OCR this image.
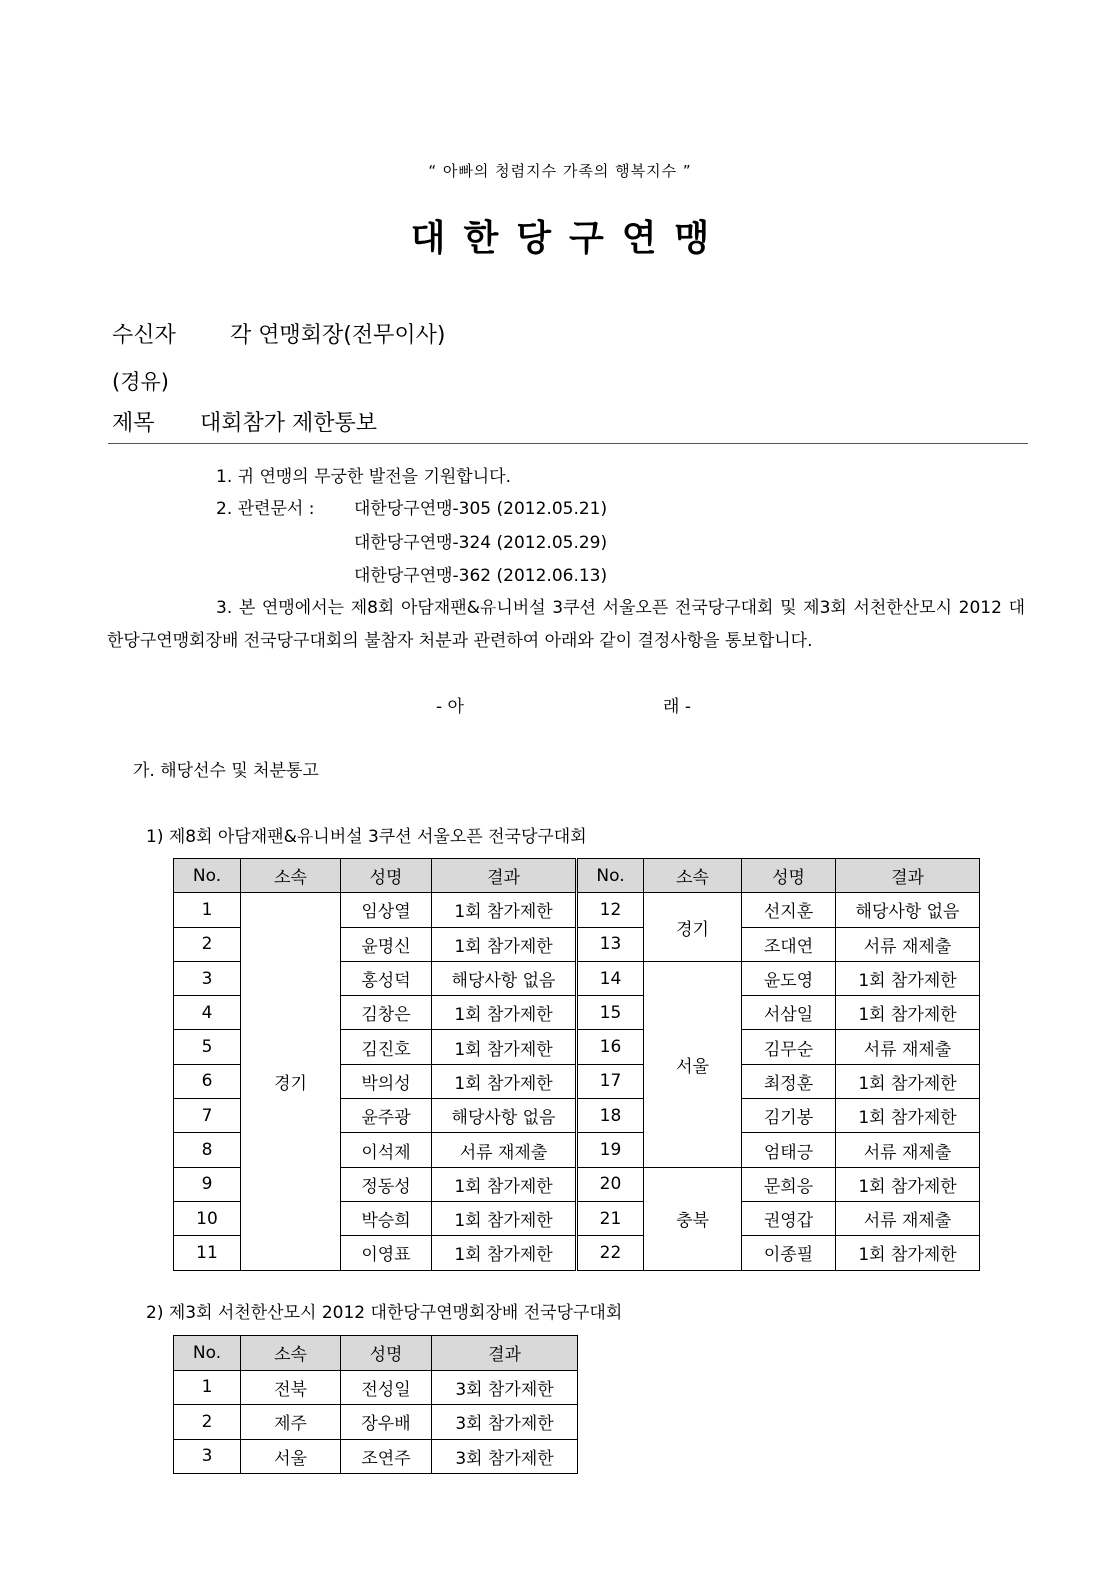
“ 아빠의 청렴지수 가족의 행복지수 ”
대한당구연맹
수신자 각 연맹회장(전무이사)
(경유)
제목 대회참가 제한통보
1. 귀 연맹의 무궁한 발전을 기원합니다.
2. 관련문서 : 대한당구연맹-305 (2012.05.21)
대한당구연맹-324 (2012.05.29)
대한당구연맹-362 (2012.06.13)
3. 본 연맹에서는 제8회 아담재팬&유니버설 3쿠션 서울오픈 전국당구대회 및 제3회 서천한산모시 2012 대한당구연맹회장배 전국당구대회의 불참자 처분과 관련하여 아래와 같이 결정사항을 통보합니다.
- 아	래 -
가. 해당선수 및 처분통고
1) 제8회 아담재팬&유니버설 3쿠션 서울오픈 전국당구대회
No.	소속	성명	결과	No.	소속	성명	결과
1	경기	임상열	1회 참가제한	12	경기	선지훈	해당사항 없음
2		윤명신	1회 참가제한	13		조대연	서류 재제출
3		홍성덕	해당사항 없음	14	서울	윤도영	1회 참가제한
4		김창은	1회 참가제한	15		서삼일	1회 참가제한
5		김진호	1회 참가제한	16		김무순	서류 재제출
6		박의성	1회 참가제한	17		최정훈	1회 참가제한
7		윤주광	해당사항 없음	18		김기봉	1회 참가제한
8		이석제	서류 재제출	19		엄태긍	서류 재제출
9		정동성	1회 참가제한	20	충북	문희응	1회 참가제한
10		박승희	1회 참가제한	21		권영갑	서류 재제출
11		이영표	1회 참가제한	22		이종필	1회 참가제한
2) 제3회 서천한산모시 2012 대한당구연맹회장배 전국당구대회
No.	소속	성명	결과
1	전북	전성일	3회 참가제한
2	제주	장우배	3회 참가제한
3	서울	조연주	3회 참가제한
